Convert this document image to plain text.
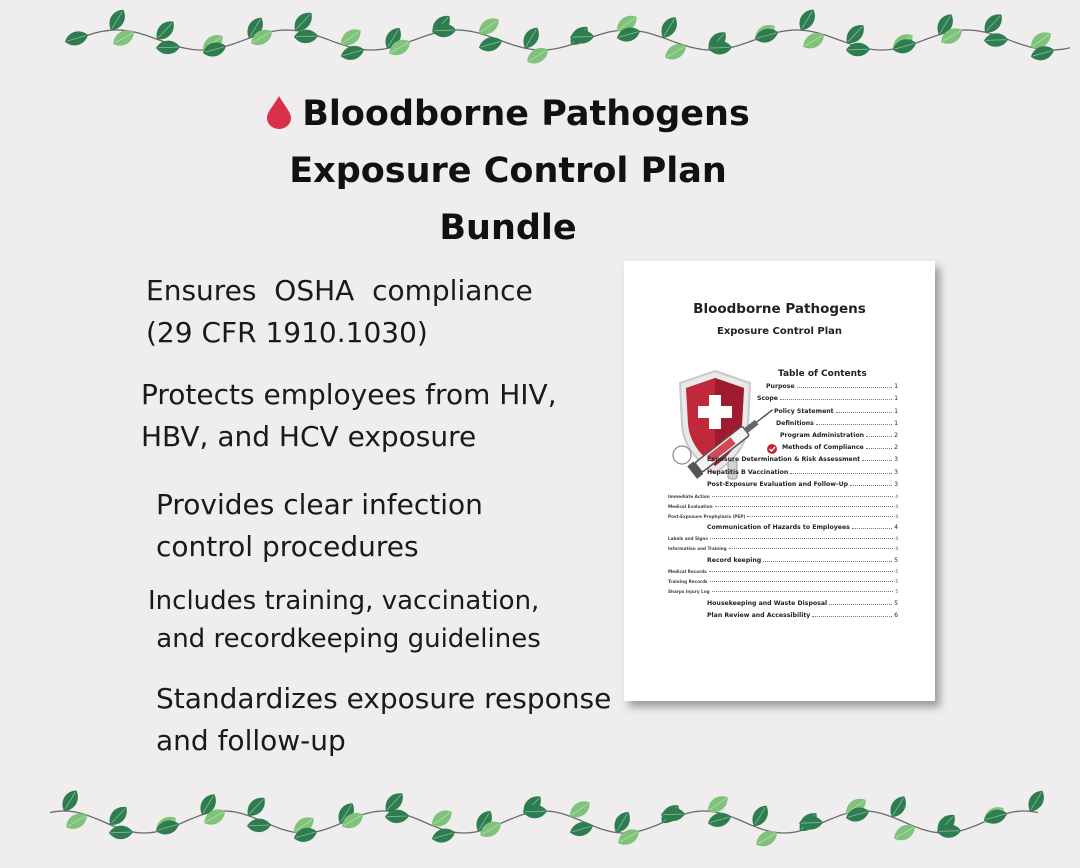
Bloodborne Pathogens
Exposure Control Plan
Bundle
Ensures  OSHA  compliance
(29 CFR 1910.1030)
Protects employees from HIV,
HBV, and HCV exposure
Provides clear infection
control procedures
Includes training, vaccination,
and recordkeeping guidelines
Standardizes exposure response
and follow-up
Bloodborne Pathogens
Exposure Control Plan
Table of Contents
Purpose	1
Scope	1
Policy Statement	1
Definitions	1
Program Administration	2
Methods of Compliance	2
Exposure Determination & Risk Assessment	3
Hepatitis B Vaccination	3
Post-Exposure Evaluation and Follow-Up	3
Immediate Action	4
Medical Evaluation	4
Post-Exposure Prophylaxis (PEP)	4
Communication of Hazards to Employees	4
Labels and Signs	4
Information and Training	4
Record keeping	5
Medical Records	5
Training Records	5
Sharps Injury Log	5
Housekeeping and Waste Disposal	5
Plan Review and Accessibility	6
